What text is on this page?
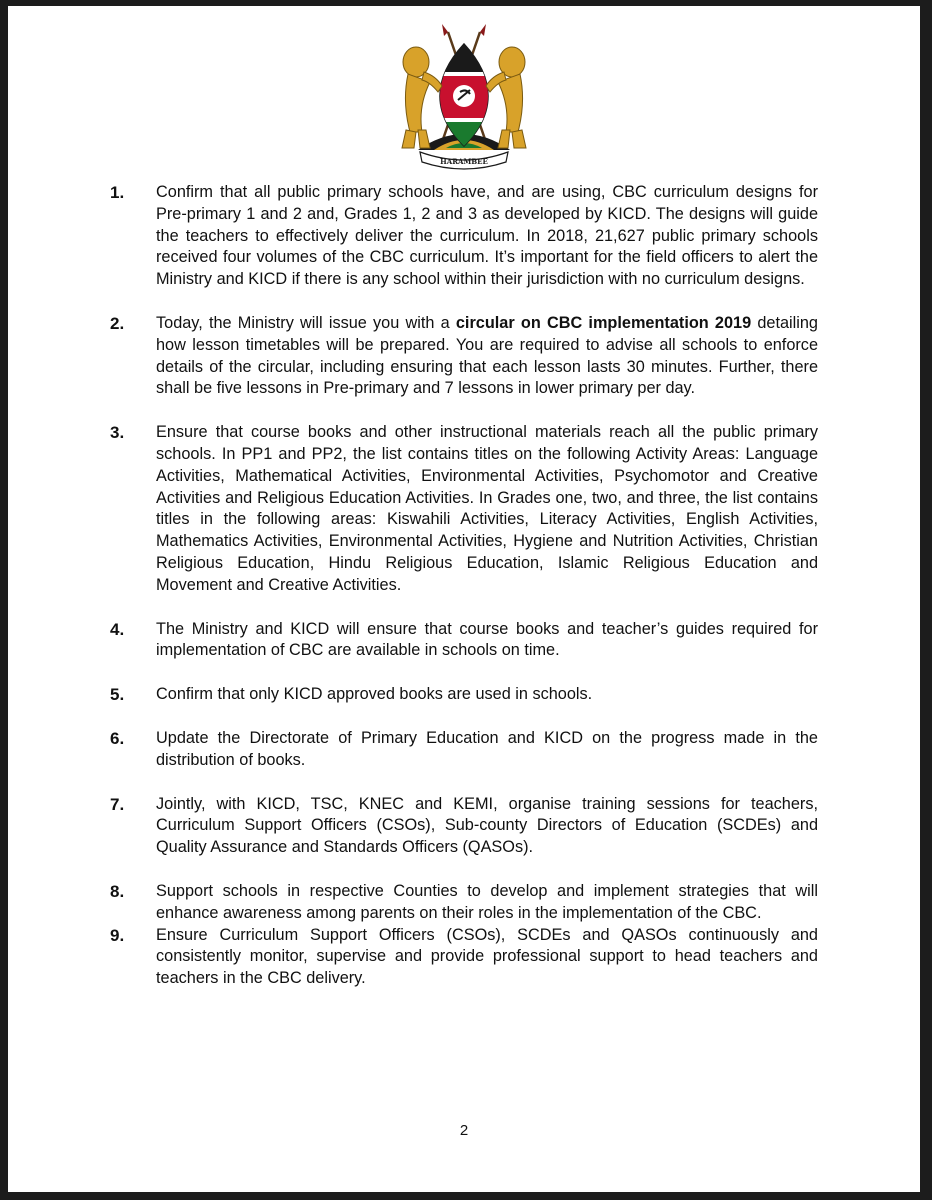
HARAMBEE
1. Confirm that all public primary schools have, and are using, CBC curriculum designs for Pre-primary 1 and 2 and, Grades 1, 2 and 3 as developed by KICD. The designs will guide the teachers to effectively deliver the curriculum. In 2018, 21,627 public primary schools received four volumes of the CBC curriculum. It’s important for the field officers to alert the Ministry and KICD if there is any school within their jurisdiction with no curriculum designs.
2. Today, the Ministry will issue you with a circular on CBC implementation 2019 detailing how lesson timetables will be prepared. You are required to advise all schools to enforce details of the circular, including ensuring that each lesson lasts 30 minutes. Further, there shall be five lessons in Pre-primary and 7 lessons in lower primary per day.
3. Ensure that course books and other instructional materials reach all the public primary schools. In PP1 and PP2, the list contains titles on the following Activity Areas: Language Activities, Mathematical Activities, Environmental Activities, Psychomotor and Creative Activities and Religious Education Activities. In Grades one, two, and three, the list contains titles in the following areas: Kiswahili Activities, Literacy Activities, English Activities, Mathematics Activities, Environmental Activities, Hygiene and Nutrition Activities, Christian Religious Education, Hindu Religious Education, Islamic Religious Education and Movement and Creative Activities.
4. The Ministry and KICD will ensure that course books and teacher’s guides required for implementation of CBC are available in schools on time.
5. Confirm that only KICD approved books are used in schools.
6. Update the Directorate of Primary Education and KICD on the progress made in the distribution of books.
7. Jointly, with KICD, TSC, KNEC and KEMI, organise training sessions for teachers, Curriculum Support Officers (CSOs), Sub-county Directors of Education (SCDEs) and Quality Assurance and Standards Officers (QASOs).
8. Support schools in respective Counties to develop and implement strategies that will enhance awareness among parents on their roles in the implementation of the CBC.
9. Ensure Curriculum Support Officers (CSOs), SCDEs and QASOs continuously and consistently monitor, supervise and provide professional support to head teachers and teachers in the CBC delivery.
2
